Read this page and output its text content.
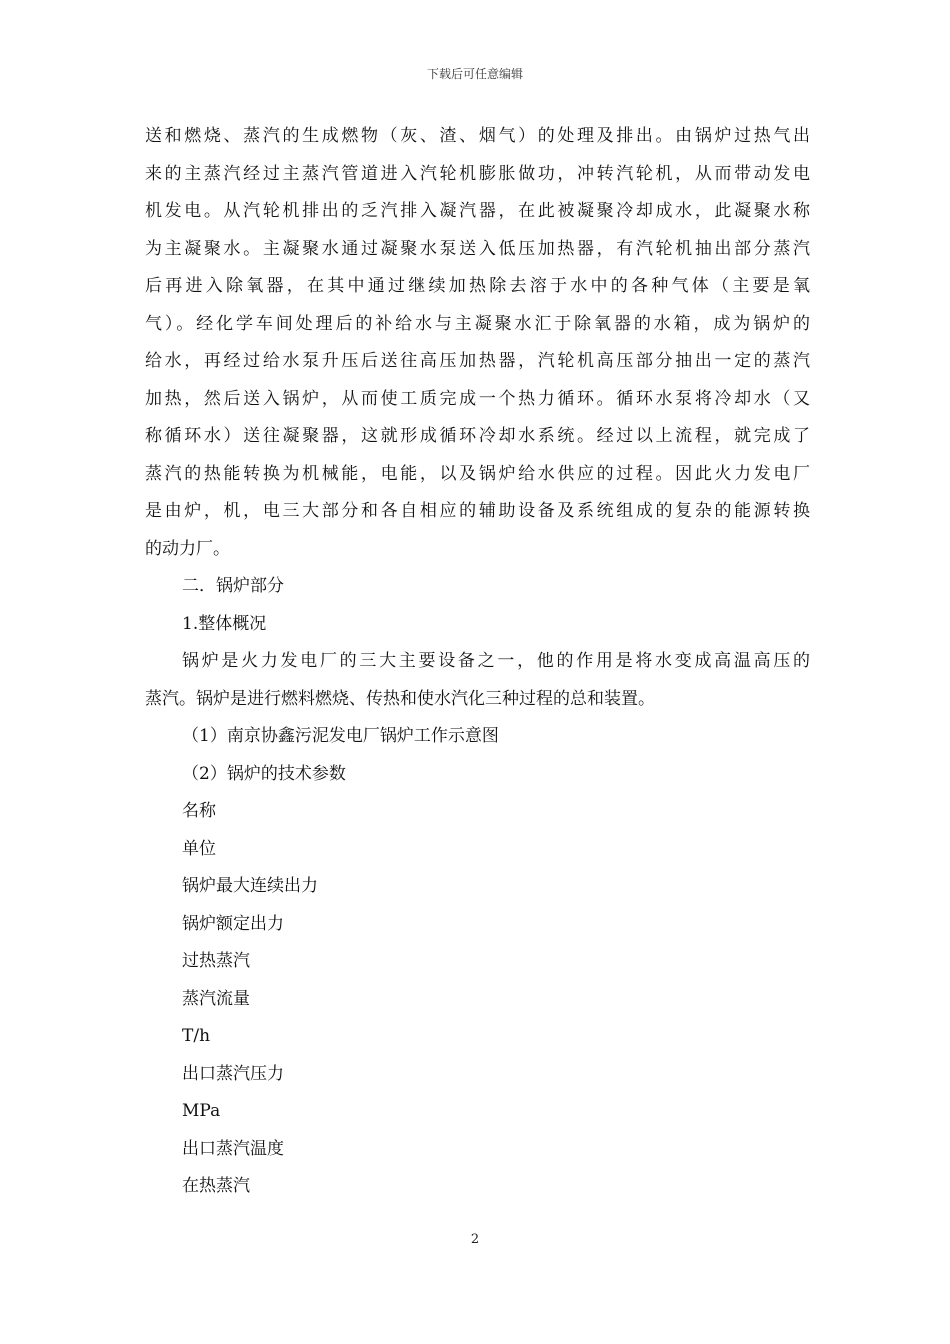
下载后可任意编辑
送和燃烧、蒸汽的生成燃物（灰、渣、烟气）的处理及排出。由锅炉过热气出
来的主蒸汽经过主蒸汽管道进入汽轮机膨胀做功，冲转汽轮机，从而带动发电
机发电。从汽轮机排出的乏汽排入凝汽器，在此被凝聚冷却成水，此凝聚水称
为主凝聚水。主凝聚水通过凝聚水泵送入低压加热器，有汽轮机抽出部分蒸汽
后再进入除氧器，在其中通过继续加热除去溶于水中的各种气体（主要是氧
气）。经化学车间处理后的补给水与主凝聚水汇于除氧器的水箱，成为锅炉的
给水，再经过给水泵升压后送往高压加热器，汽轮机高压部分抽出一定的蒸汽
加热，然后送入锅炉，从而使工质完成一个热力循环。循环水泵将冷却水（又
称循环水）送往凝聚器，这就形成循环冷却水系统。经过以上流程，就完成了
蒸汽的热能转换为机械能，电能，以及锅炉给水供应的过程。因此火力发电厂
是由炉，机，电三大部分和各自相应的辅助设备及系统组成的复杂的能源转换
的动力厂。
二．锅炉部分
1.整体概况
锅炉是火力发电厂的三大主要设备之一，他的作用是将水变成高温高压的
蒸汽。锅炉是进行燃料燃烧、传热和使水汽化三种过程的总和装置。
（1）南京协鑫污泥发电厂锅炉工作示意图
（2）锅炉的技术参数
名称
单位
锅炉最大连续出力
锅炉额定出力
过热蒸汽
蒸汽流量
T/h
出口蒸汽压力
MPa
出口蒸汽温度
在热蒸汽
2
